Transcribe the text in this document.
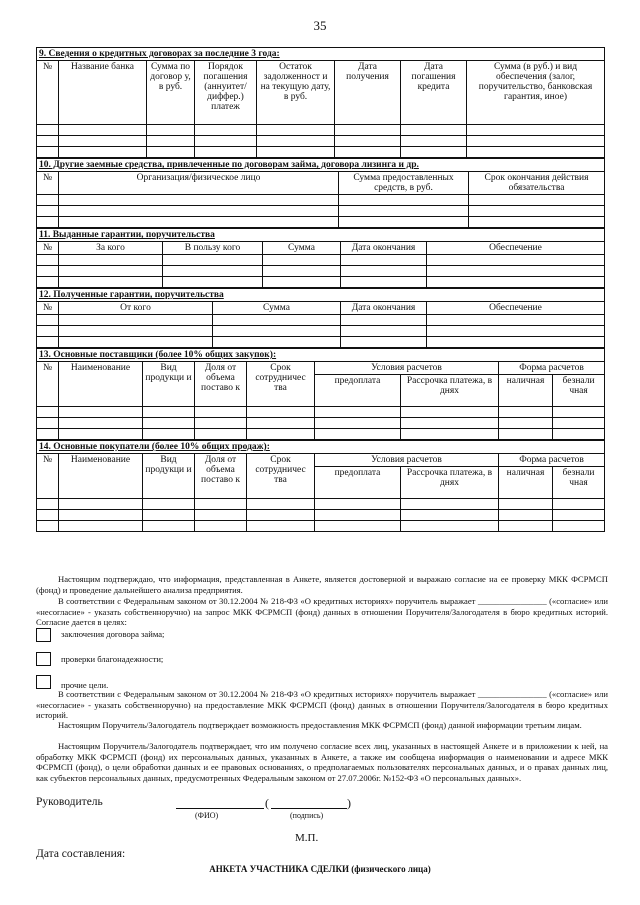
35
9. Сведения о кредитных договорах за последние 3 года:							
№	Название банка	Сумма по договор у, в руб.	Порядок погашения (аннуитет/ диффер.) платеж	Остаток задолженност и на текущую дату, в руб.	Дата получения	Дата погашения кредита	Сумма (в руб.) и вид обеспечения (залог, поручительство, банковская гарантия, иное)

10. Другие заемные средства, привлеченные по договорам займа, договора лизинга и др.			
№	Организация/физическое лицо	Сумма предоставленных средств, в руб.	Срок окончания действия обязательства

11. Выданные гарантии, поручительства					
№	За кого	В пользу кого	Сумма	Дата окончания	Обеспечение

12. Полученные гарантии, поручительства				
№	От кого	Сумма	Дата окончания	Обеспечение

13. Основные поставщики (более 10% общих закупок):								
№	Наименование	Вид продукци и	Доля от объема поставо к	Срок сотрудничес тва	Условия расчетов		Форма расчетов	
					предоплата	Рассрочка платежа, в днях	наличная	безнали чная

14. Основные покупатели (более 10% общих продаж):								
№	Наименование	Вид продукци и	Доля от объема поставо к	Срок сотрудничес тва	Условия расчетов		Форма расчетов	
					предоплата	Рассрочка платежа, в днях	наличная	безнали чная

Настоящим подтверждаю, что информация, представленная в Анкете, является достоверной и выражаю согласие на ее проверку МКК ФСРМСП (фонд) и проведение дальнейшего анализа предприятия.
В соответствии с Федеральным законом от 30.12.2004 № 218-ФЗ «О кредитных историях» поручитель выражает ________________ («согласие» или «несогласие» - указать собственноручно) на запрос МКК ФСРМСП (фонд) данных в отношении Поручителя/Залогодателя в бюро кредитных историй. Согласие дается в целях:
заключения договора займа;
проверки благонадежности;
прочие цели.
В соответствии с Федеральным законом от 30.12.2004 № 218-ФЗ «О кредитных историях» поручитель выражает ________________ («согласие» или «несогласие» - указать собственноручно) на предоставление МКК ФСРМСП (фонд) данных в отношении Поручителя/Залогодателя в бюро кредитных историй.
Настоящим Поручитель/Залогодатель подтверждает возможность предоставления МКК ФСРМСП (фонд) данной информации третьим лицам.
Настоящим Поручитель/Залогодатель подтверждает, что им получено согласие всех лиц, указанных в настоящей Анкете и в приложении к ней, на обработку МКК ФСРМСП (фонд) их персональных данных, указанных в Анкете, а также им сообщена информация о наименовании и адресе МКК ФСРМСП (фонд), о цели обработки данных и ее правовых основаниях, о предполагаемых пользователях персональных данных, и о правах данных лиц, как субъектов персональных данных, предусмотренных Федеральным законом от 27.07.2006г. №152-ФЗ «О персональных данных».
Руководитель	(	)
(ФИО)	(подпись)
М.П.
Дата составления:
АНКЕТА УЧАСТНИКА СДЕЛКИ (физического лица)
